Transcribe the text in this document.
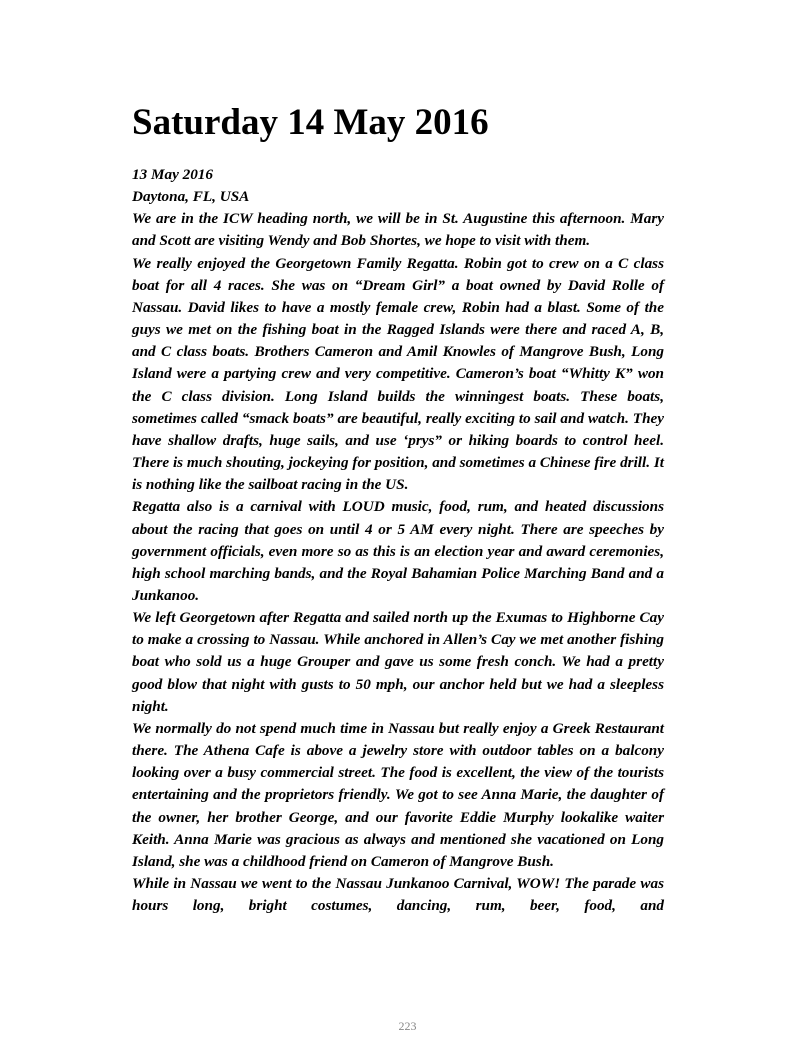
Saturday 14 May 2016

13 May 2016

Daytona, FL, USA

We are in the ICW heading north, we will be in St. Augustine this afternoon. Mary and Scott are visiting Wendy and Bob Shortes, we hope to visit with them.

We really enjoyed the Georgetown Family Regatta. Robin got to crew on a C class boat for all 4 races. She was on “Dream Girl” a boat owned by David Rolle of Nassau. David likes to have a mostly female crew, Robin had a blast. Some of the guys we met on the fishing boat in the Ragged Islands were there and raced A, B, and C class boats. Brothers Cameron and Amil Knowles of Mangrove Bush, Long Island were a partying crew and very competitive. Cameron’s boat “Whitty K” won the C class division. Long Island builds the winningest boats. These boats, sometimes called “smack boats” are beautiful, really exciting to sail and watch. They have shallow drafts, huge sails, and use ‘prys” or hiking boards to control heel. There is much shouting, jockeying for position, and sometimes a Chinese fire drill. It is nothing like the sailboat racing in the US.

Regatta also is a carnival with LOUD music, food, rum, and heated discussions about the racing that goes on until 4 or 5 AM every night. There are speeches by government officials, even more so as this is an election year and award ceremonies, high school marching bands, and the Royal Bahamian Police Marching Band and a Junkanoo.

We left Georgetown after Regatta and sailed north up the Exumas to Highborne Cay to make a crossing to Nassau. While anchored in Allen’s Cay we met another fishing boat who sold us a huge Grouper and gave us some fresh conch. We had a pretty good blow that night with gusts to 50 mph, our anchor held but we had a sleepless night.

We normally do not spend much time in Nassau but really enjoy a Greek Restaurant there. The Athena Cafe is above a jewelry store with outdoor tables on a balcony looking over a busy commercial street. The food is excellent, the view of the tourists entertaining and the proprietors friendly. We got to see Anna Marie, the daughter of the owner, her brother George, and our favorite Eddie Murphy lookalike waiter Keith. Anna Marie was gracious as always and mentioned she vacationed on Long Island, she was a childhood friend on Cameron of Mangrove Bush.

While in Nassau we went to the Nassau Junkanoo Carnival, WOW! The parade was hours long, bright costumes, dancing, rum, beer, food, and

223
